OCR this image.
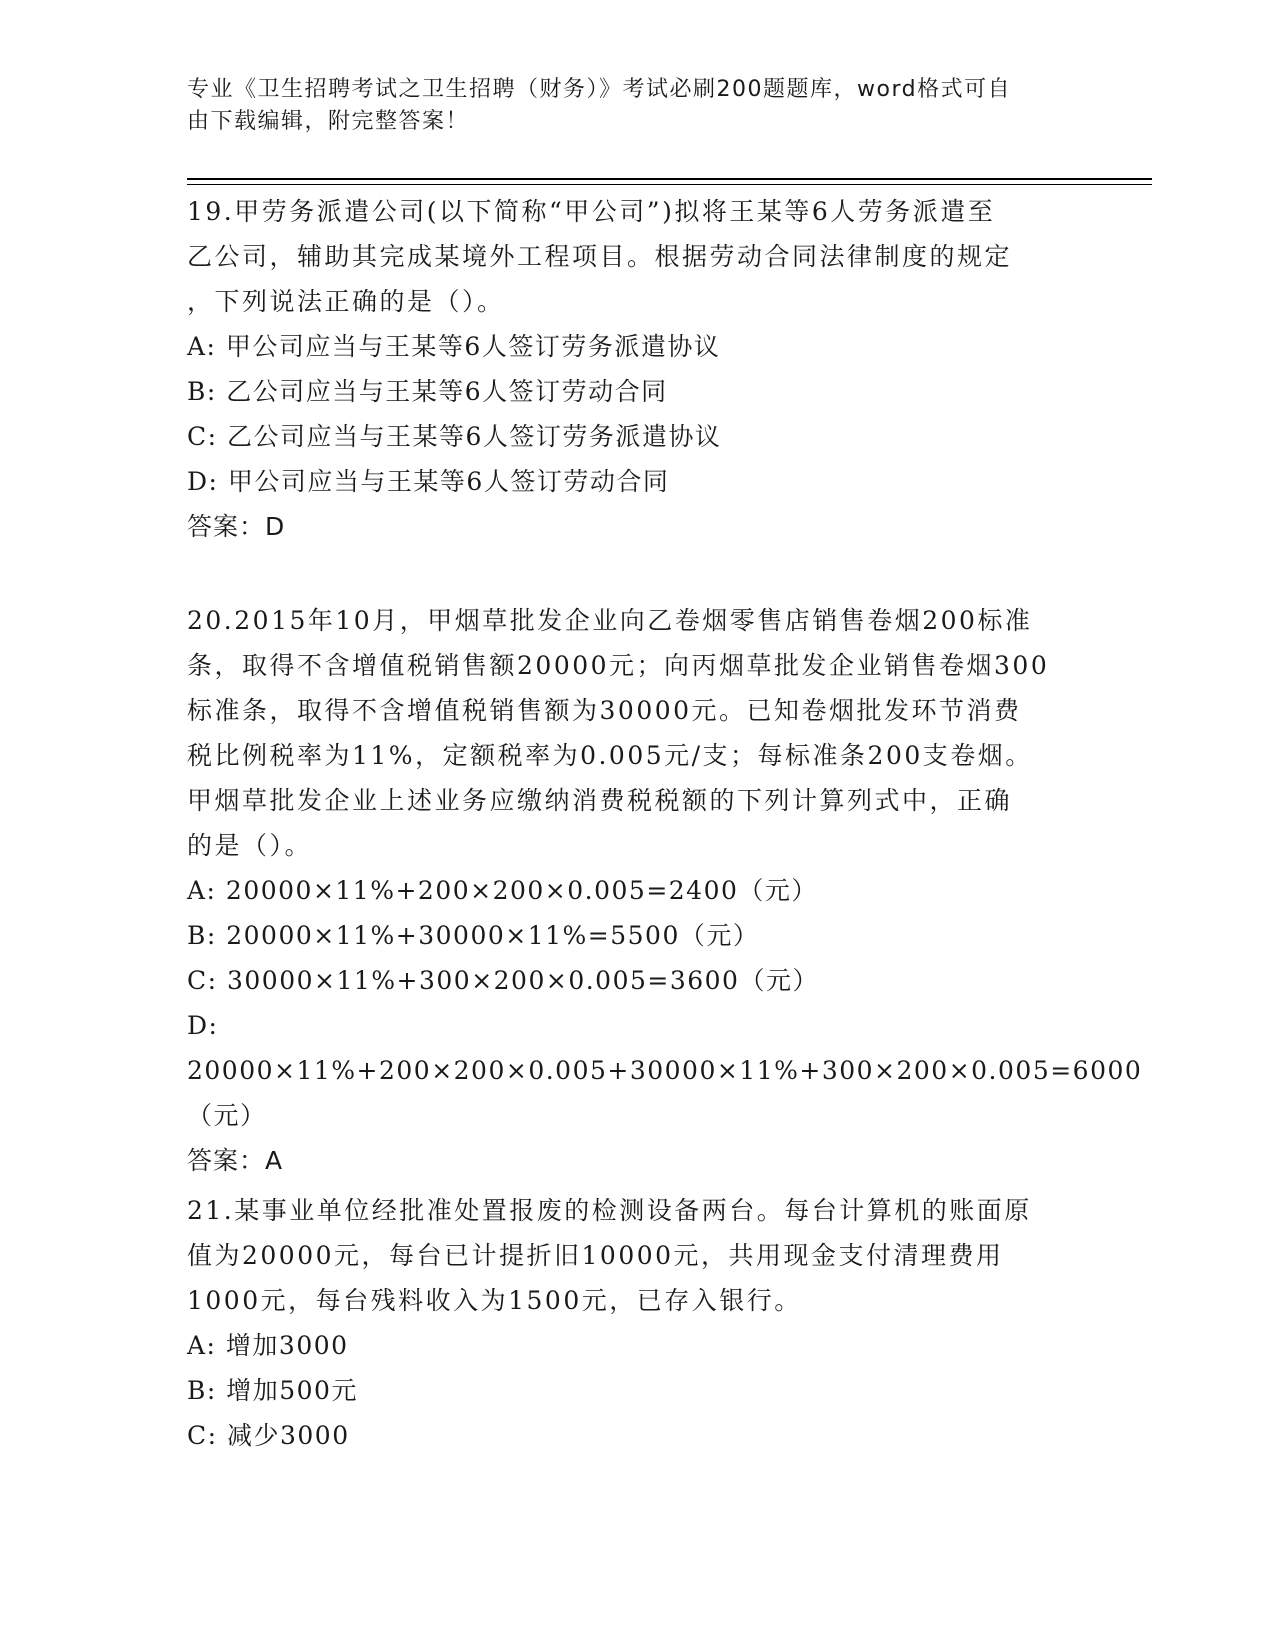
专业《卫生招聘考试之卫生招聘（财务）》考试必刷200题题库，word格式可自
由下载编辑，附完整答案！

19.甲劳务派遣公司(以下简称“甲公司”)拟将王某等6人劳务派遣至

乙公司，辅助其完成某境外工程项目。根据劳动合同法律制度的规定

，下列说法正确的是（）。

A: 甲公司应当与王某等6人签订劳务派遣协议

B: 乙公司应当与王某等6人签订劳动合同

C: 乙公司应当与王某等6人签订劳务派遣协议

D: 甲公司应当与王某等6人签订劳动合同

答案：D

20.2015年10月，甲烟草批发企业向乙卷烟零售店销售卷烟200标准

条，取得不含增值税销售额20000元；向丙烟草批发企业销售卷烟300

标准条，取得不含增值税销售额为30000元。已知卷烟批发环节消费

税比例税率为11%，定额税率为0.005元/支；每标准条200支卷烟。

甲烟草批发企业上述业务应缴纳消费税税额的下列计算列式中，正确

的是（）。

A: 20000×11%+200×200×0.005=2400（元）

B: 20000×11%+30000×11%=5500（元）

C: 30000×11%+300×200×0.005=3600（元）

D: 20000×11%+200×200×0.005+30000×11%+300×200×0.005=6000

（元）

答案：A

21.某事业单位经批准处置报废的检测设备两台。每台计算机的账面原

值为20000元，每台已计提折旧10000元，共用现金支付清理费用

1000元，每台残料收入为1500元，已存入银行。

A: 增加3000

B: 增加500元

C: 减少3000
